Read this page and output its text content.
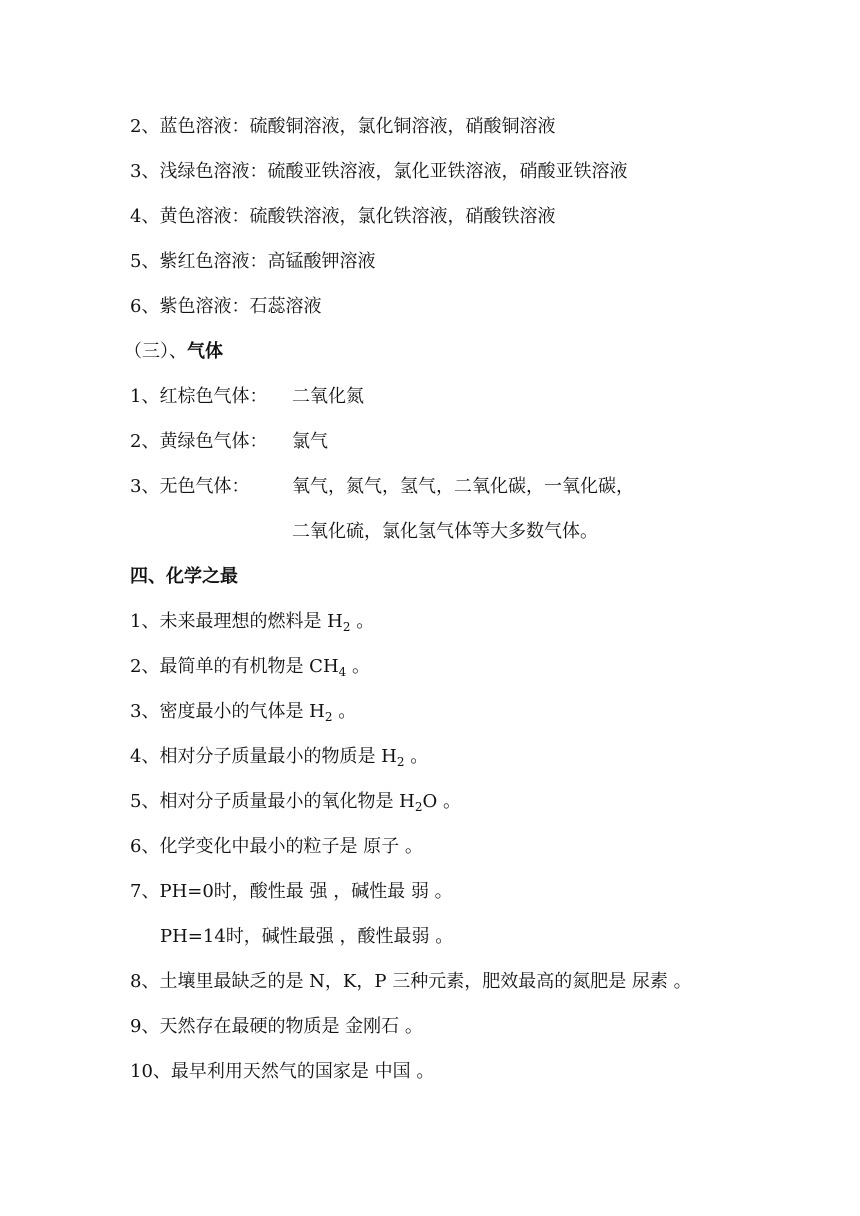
2、蓝色溶液：硫酸铜溶液，氯化铜溶液，硝酸铜溶液
3、浅绿色溶液：硫酸亚铁溶液，氯化亚铁溶液，硝酸亚铁溶液
4、黄色溶液：硫酸铁溶液，氯化铁溶液，硝酸铁溶液
5、紫红色溶液：高锰酸钾溶液
6、紫色溶液：石蕊溶液
（三）、气体
1、红棕色气体： 二氧化氮
2、黄绿色气体： 氯气
3、无色气体： 氧气，氮气，氢气，二氧化碳，一氧化碳，
二氧化硫，氯化氢气体等大多数气体。
四、化学之最
1、未来最理想的燃料是 $H_2$ 。
2、最简单的有机物是 $CH_4$ 。
3、密度最小的气体是 $H_2$ 。
4、相对分子质量最小的物质是 $H_2$ 。
5、相对分子质量最小的氧化物是 $H_2O$ 。
6、化学变化中最小的粒子是 原子 。
7、PH=0时，酸性最 强 ，碱性最 弱 。
PH=14时，碱性最强 ，酸性最弱 。
8、土壤里最缺乏的是 N，K，P 三种元素，肥效最高的氮肥是 尿素 。
9、天然存在最硬的物质是 金刚石 。
10、最早利用天然气的国家是 中国 。
